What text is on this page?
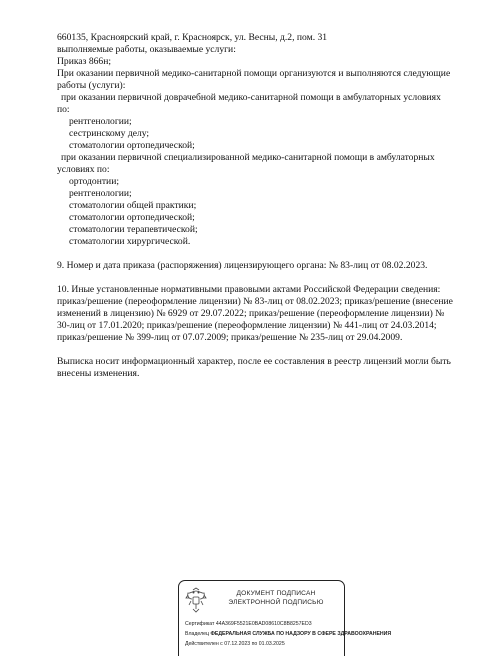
660135, Красноярский край, г. Красноярск, ул. Весны, д.2, пом. 31

выполняемые работы, оказываемые услуги:

Приказ 866н;

При оказании первичной медико-санитарной помощи организуются и выполняются следующие

работы (услуги):

при оказании первичной доврачебной медико-санитарной помощи в амбулаторных условиях

по:

рентгенологии;

сестринскому делу;

стоматологии ортопедической;

при оказании первичной специализированной медико-санитарной помощи в амбулаторных

условиях по:

ортодонтии;

рентгенологии;

стоматологии общей практики;

стоматологии ортопедической;

стоматологии терапевтической;

стоматологии хирургической.

9. Номер и дата приказа (распоряжения) лицензирующего органа: № 83-лиц от 08.02.2023.

10. Иные установленные нормативными правовыми актами Российской Федерации сведения:

приказ/решение (переоформление лицензии) № 83-лиц от 08.02.2023; приказ/решение (внесение

изменений в лицензию) № 6929 от 29.07.2022; приказ/решение (переоформление лицензии) №

30-лиц от 17.01.2020; приказ/решение (переоформление лицензии) № 441-лиц от 24.03.2014;

приказ/решение № 399-лиц от 07.07.2009; приказ/решение № 235-лиц от 29.04.2009.

Выписка носит информационный характер, после ее составления в реестр лицензий могли быть

внесены изменения.

ДОКУМЕНТ ПОДПИСАН
ЭЛЕКТРОННОЙ ПОДПИСЬЮ
Сертификат 44A369F5521E0BAD08610C8B8257ED3
Владелец ФЕДЕРАЛЬНАЯ СЛУЖБА ПО НАДЗОРУ В СФЕРЕ ЗДРАВООХРАНЕНИЯ
Действителен с 07.12.2023 по 01.03.2025
